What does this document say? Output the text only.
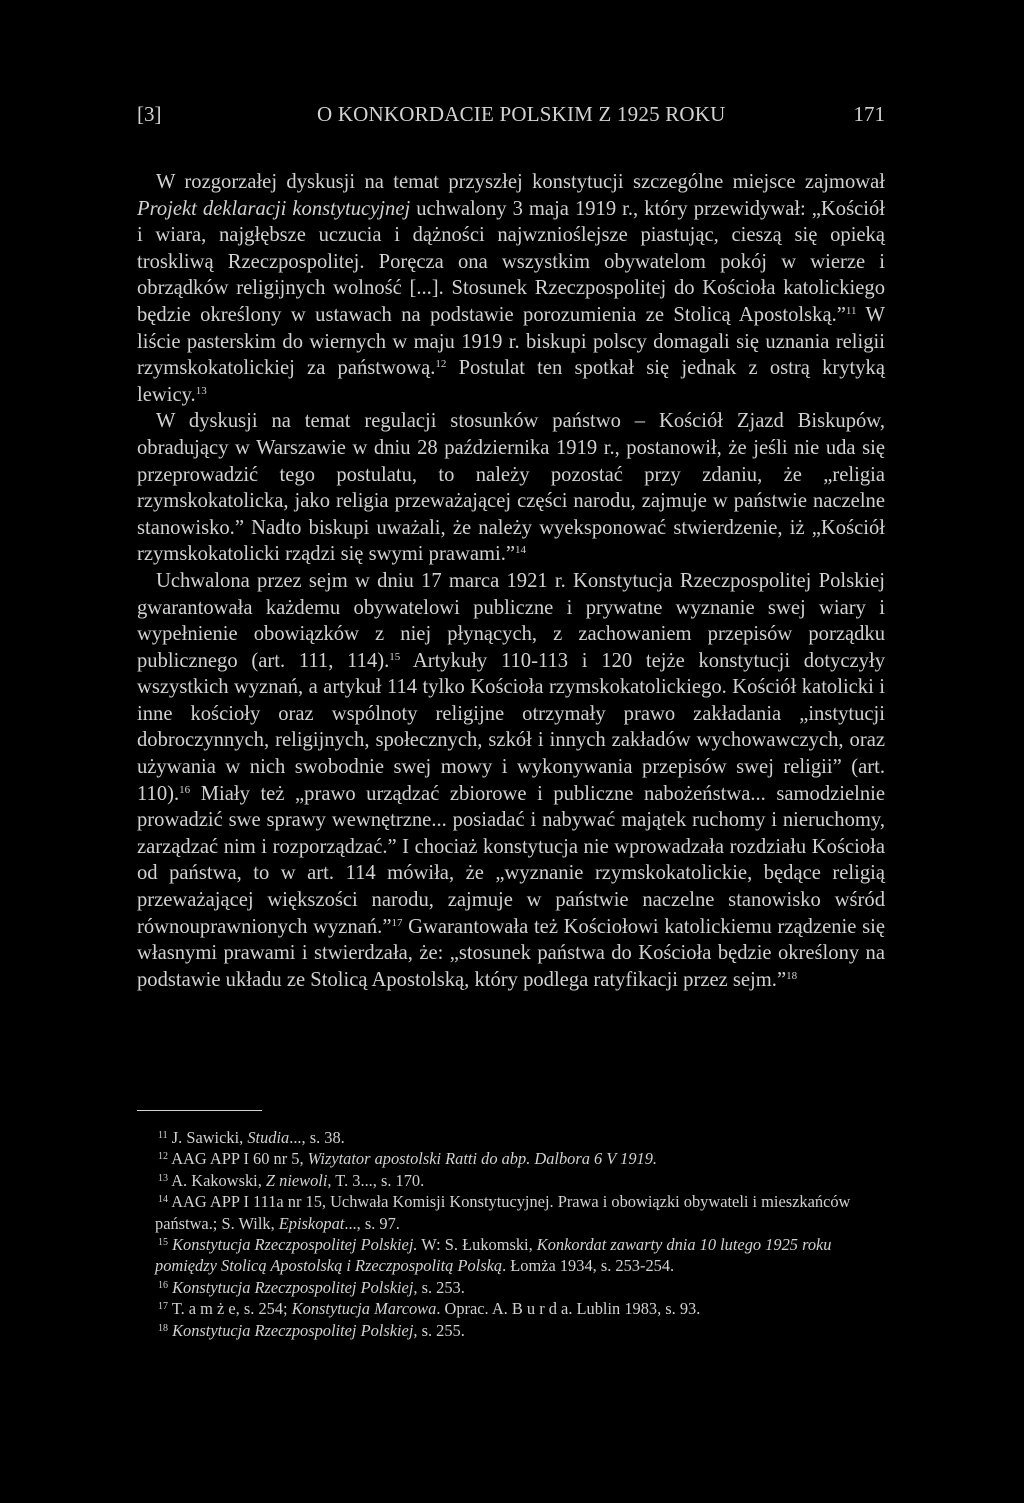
[3]	O KONKORDACIE POLSKIM Z 1925 ROKU	171

W rozgorzałej dyskusji na temat przyszłej konstytucji szczególne miejsce zajmował Projekt deklaracji konstytucyjnej uchwalony 3 maja 1919 r., który przewidywał: „Kościół i wiara, najgłębsze uczucia i dążności najwznioślejsze piastując, cieszą się opieką troskliwą Rzeczpospolitej. Poręcza ona wszystkim obywatelom pokój w wierze i obrządków religijnych wolność [...]. Stosunek Rzeczpospolitej do Kościoła katolickiego będzie określony w ustawach na podstawie porozumienia ze Stolicą Apostolską.”$^{11}$ W liście pasterskim do wiernych w maju 1919 r. biskupi polscy domagali się uznania religii rzymskokatolickiej za państwową.$^{12}$ Postulat ten spotkał się jednak z ostrą krytyką lewicy.$^{13}$

W dyskusji na temat regulacji stosunków państwo – Kościół Zjazd Biskupów, obradujący w Warszawie w dniu 28 października 1919 r., postanowił, że jeśli nie uda się przeprowadzić tego postulatu, to należy pozostać przy zdaniu, że „religia rzymskokatolicka, jako religia przeważającej części narodu, zajmuje w państwie naczelne stanowisko.” Nadto biskupi uważali, że należy wyeksponować stwierdzenie, iż „Kościół rzymskokatolicki rządzi się swymi prawami.”$^{14}$

Uchwalona przez sejm w dniu 17 marca 1921 r. Konstytucja Rzeczpospolitej Polskiej gwarantowała każdemu obywatelowi publiczne i prywatne wyznanie swej wiary i wypełnienie obowiązków z niej płynących, z zachowaniem przepisów porządku publicznego (art. 111, 114).$^{15}$ Artykuły 110-113 i 120 tejże konstytucji dotyczyły wszystkich wyznań, a artykuł 114 tylko Kościoła rzymskokatolickiego. Kościół katolicki i inne kościoły oraz wspólnoty religijne otrzymały prawo zakładania „instytucji dobroczynnych, religijnych, społecznych, szkół i innych zakładów wychowawczych, oraz używania w nich swobodnie swej mowy i wykonywania przepisów swej religii” (art. 110).$^{16}$ Miały też „prawo urządzać zbiorowe i publiczne nabożeństwa... samodzielnie prowadzić swe sprawy wewnętrzne... posiadać i nabywać majątek ruchomy i nieruchomy, zarządzać nim i rozporządzać.” I chociaż konstytucja nie wprowadzała rozdziału Kościoła od państwa, to w art. 114 mówiła, że „wyznanie rzymskokatolickie, będące religią przeważającej większości narodu, zajmuje w państwie naczelne stanowisko wśród równouprawnionych wyznań.”$^{17}$ Gwarantowała też Kościołowi katolickiemu rządzenie się własnymi prawami i stwierdzała, że: „stosunek państwa do Kościoła będzie określony na podstawie układu ze Stolicą Apostolską, który podlega ratyfikacji przez sejm.”$^{18}$

$^{11}$ J. Sawicki, Studia..., s. 38.
$^{12}$ AAG APP I 60 nr 5, Wizytator apostolski Ratti do abp. Dalbora 6 V 1919.
$^{13}$ A. Kakowski, Z niewoli, T. 3..., s. 170.
$^{14}$ AAG APP I 111a nr 15, Uchwała Komisji Konstytucyjnej. Prawa i obowiązki obywateli i mieszkańców państwa.; S. Wilk, Episkopat..., s. 97.
$^{15}$ Konstytucja Rzeczpospolitej Polskiej. W: S. Łukomski, Konkordat zawarty dnia 10 lutego 1925 roku pomiędzy Stolicą Apostolską i Rzeczpospolitą Polską. Łomża 1934, s. 253-254.
$^{16}$ Konstytucja Rzeczpospolitej Polskiej, s. 253.
$^{17}$ T. a m ż e, s. 254; Konstytucja Marcowa. Oprac. A. B u r d a. Lublin 1983, s. 93.
$^{18}$ Konstytucja Rzeczpospolitej Polskiej, s. 255.
